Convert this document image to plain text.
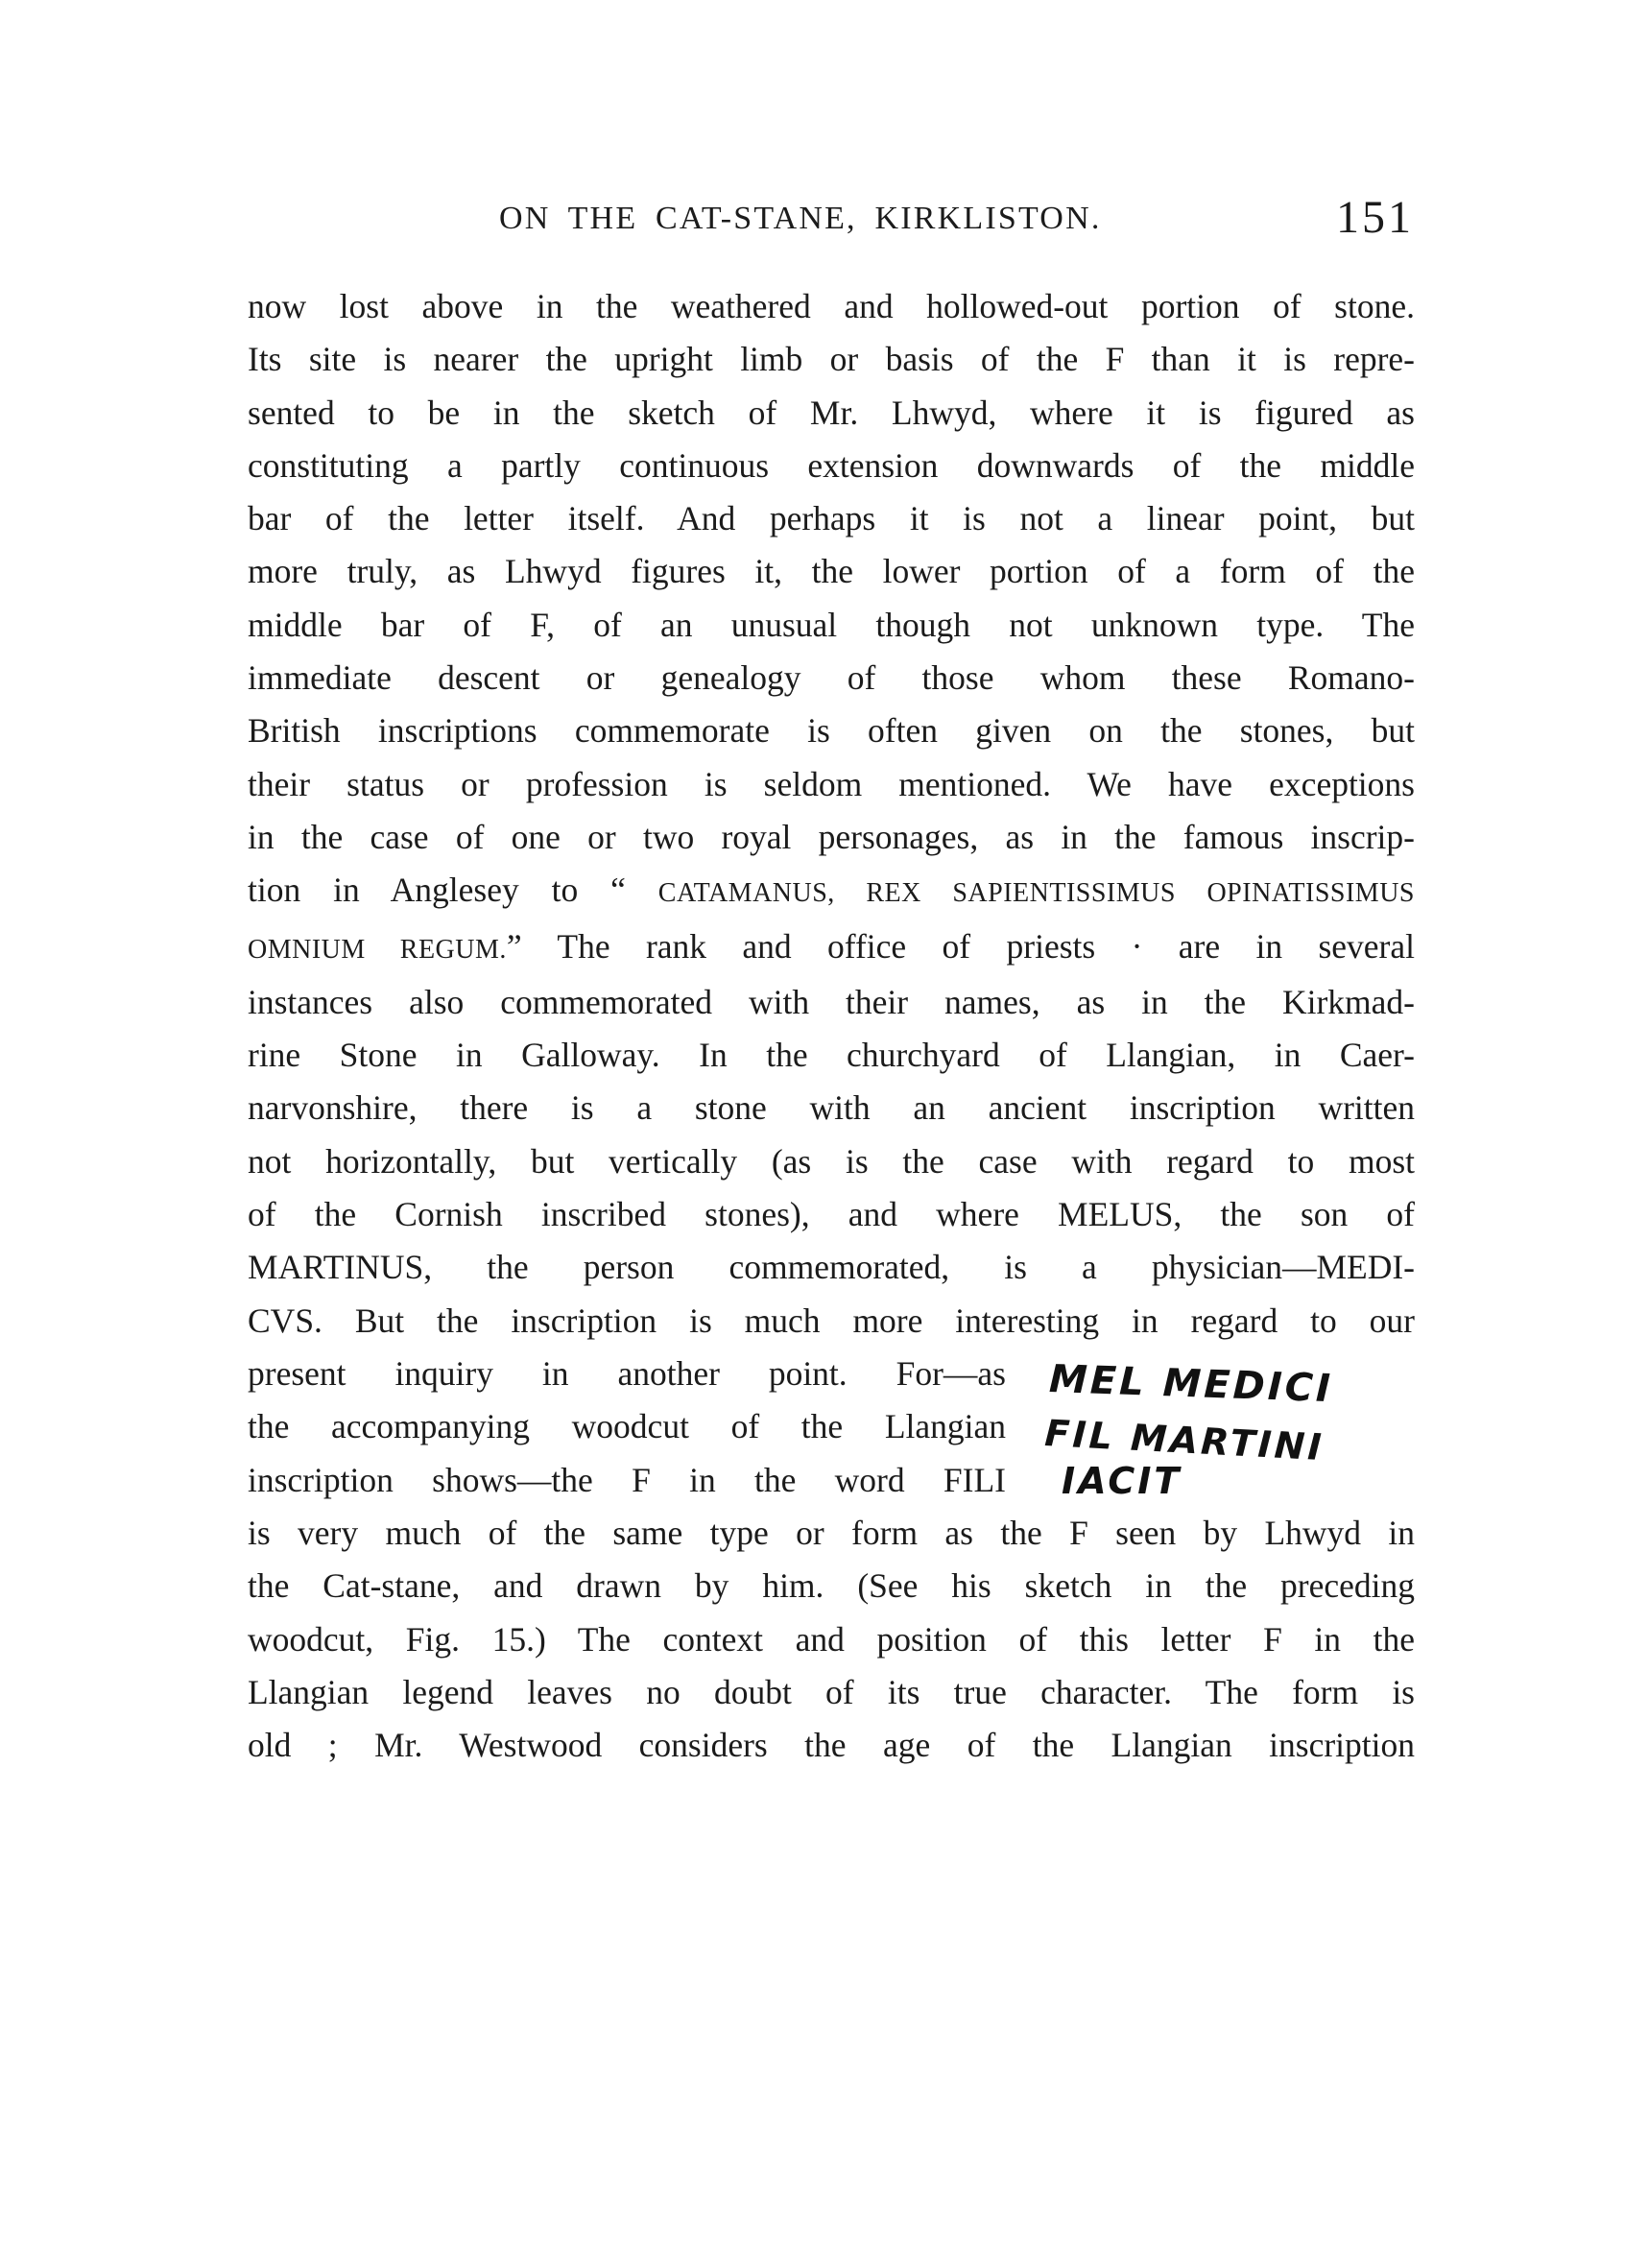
ON THE CAT-STANE, KIRKLISTON.	151
now lost above in the weathered and hollowed-out portion of stone.
Its site is nearer the upright limb or basis of the F than it is repre-
sented to be in the sketch of Mr. Lhwyd, where it is figured as
constituting a partly continuous extension downwards of the middle
bar of the letter itself. And perhaps it is not a linear point, but
more truly, as Lhwyd figures it, the lower portion of a form of the
middle bar of F, of an unusual though not unknown type. The
immediate descent or genealogy of those whom these Romano-
British inscriptions commemorate is often given on the stones, but
their status or profession is seldom mentioned. We have exceptions
in the case of one or two royal personages, as in the famous inscrip-
tion in Anglesey to “ CATAMANUS, REX SAPIENTISSIMUS OPINATISSIMUS
OMNIUM REGUM.” The rank and office of priests · are in several
instances also commemorated with their names, as in the Kirkmad-
rine Stone in Galloway. In the churchyard of Llangian, in Caer-
narvonshire, there is a stone with an ancient inscription written
not horizontally, but vertically (as is the case with regard to most
of the Cornish inscribed stones), and where MELUS, the son of
MARTINUS, the person commemorated, is a physician—MEDI-
CVS. But the inscription is much more interesting in regard to our
present inquiry in another point. For—as
the accompanying woodcut of the Llangian
inscription shows—the F in the word FILI
MEL MEDICI
FIL MARTINI
IACIT
is very much of the same type or form as the F seen by Lhwyd in
the Cat-stane, and drawn by him. (See his sketch in the preceding
woodcut, Fig. 15.) The context and position of this letter F in the
Llangian legend leaves no doubt of its true character. The form is
old ; Mr. Westwood considers the age of the Llangian inscription
